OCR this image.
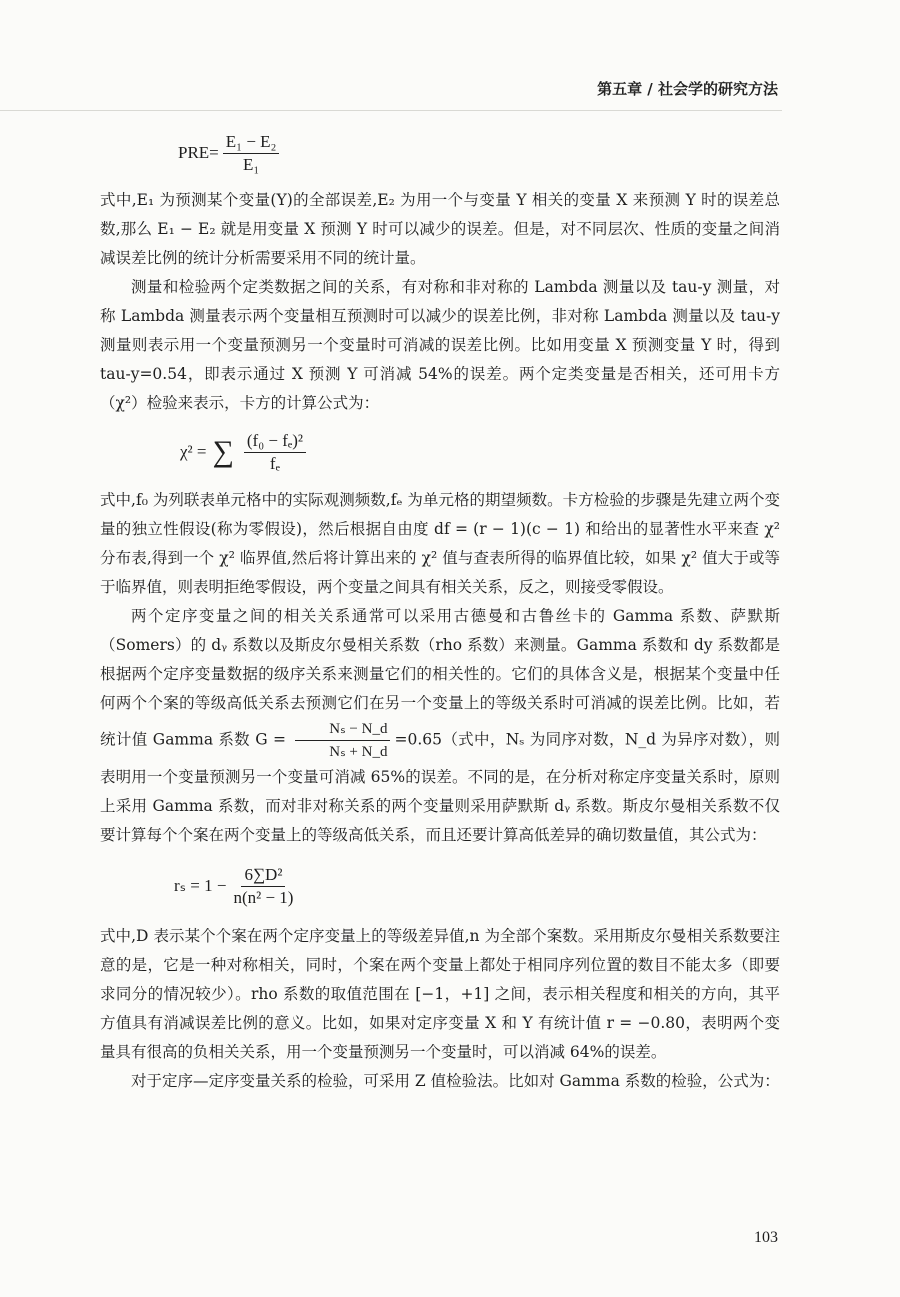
第五章 / 社会学的研究方法
$PRE= \frac{\text{E₁ − E₂}}{\text{E₁}}$

式中,E₁ 为预测某个变量(Y)的全部误差,E₂ 为用一个与变量 Y 相关的变量 X 来预测 Y 时的误差总数,那么 E₁ − E₂ 就是用变量 X 预测 Y 时可以减少的误差。但是，对不同层次、性质的变量之间消减误差比例的统计分析需要采用不同的统计量。

测量和检验两个定类数据之间的关系，有对称和非对称的 Lambda 测量以及 tau-y 测量，对称 Lambda 测量表示两个变量相互预测时可以减少的误差比例，非对称 Lambda 测量以及 tau-y 测量则表示用一个变量预测另一个变量时可消减的误差比例。比如用变量 X 预测变量 Y 时，得到 tau-y=0.54，即表示通过 X 预测 Y 可消减 54%的误差。两个定类变量是否相关，还可用卡方（χ²）检验来表示，卡方的计算公式为：

χ² = ∑ $\frac{\text{(f₀ − fₑ)²}}{\text{fₑ}}$

式中,f₀ 为列联表单元格中的实际观测频数,fₑ 为单元格的期望频数。卡方检验的步骤是先建立两个变量的独立性假设(称为零假设)，然后根据自由度 df = (r − 1)(c − 1) 和给出的显著性水平来查 χ² 分布表,得到一个 χ² 临界值,然后将计算出来的 χ² 值与查表所得的临界值比较，如果 χ² 值大于或等于临界值，则表明拒绝零假设，两个变量之间具有相关关系，反之，则接受零假设。

两个定序变量之间的相关关系通常可以采用古德曼和古鲁丝卡的 Gamma 系数、萨默斯（Somers）的 dᵧ 系数以及斯皮尔曼相关系数（rho 系数）来测量。Gamma 系数和 dy 系数都是根据两个定序变量数据的级序关系来测量它们的相关性的。它们的具体含义是，根据某个变量中任何两个个案的等级高低关系去预测它们在另一个变量上的等级关系时可消减的误差比例。比如，若统计值 Gamma 系数 $G = \frac{\text{Nₛ − N\_d}}{\text{Nₛ + N\_d}} =0.65$（式中，Nₛ 为同序对数，N_d 为异序对数），则表明用一个变量预测另一个变量可消减 65%的误差。不同的是，在分析对称定序变量关系时，原则上采用 Gamma 系数，而对非对称关系的两个变量则采用萨默斯 dᵧ 系数。斯皮尔曼相关系数不仅要计算每个个案在两个变量上的等级高低关系，而且还要计算高低差异的确切数量值，其公式为：

$r_s = 1 - \frac{\text{6∑D²}}{\text{n(n² − 1)}}$

式中,D 表示某个个案在两个定序变量上的等级差异值,n 为全部个案数。采用斯皮尔曼相关系数要注意的是，它是一种对称相关，同时，个案在两个变量上都处于相同序列位置的数目不能太多（即要求同分的情况较少）。rho 系数的取值范围在 [−1，+1] 之间，表示相关程度和相关的方向，其平方值具有消减误差比例的意义。比如，如果对定序变量 X 和 Y 有统计值 r = −0.80，表明两个变量具有很高的负相关关系，用一个变量预测另一个变量时，可以消减 64%的误差。

对于定序—定序变量关系的检验，可采用 Z 值检验法。比如对 Gamma 系数的检验，公式为：

103
